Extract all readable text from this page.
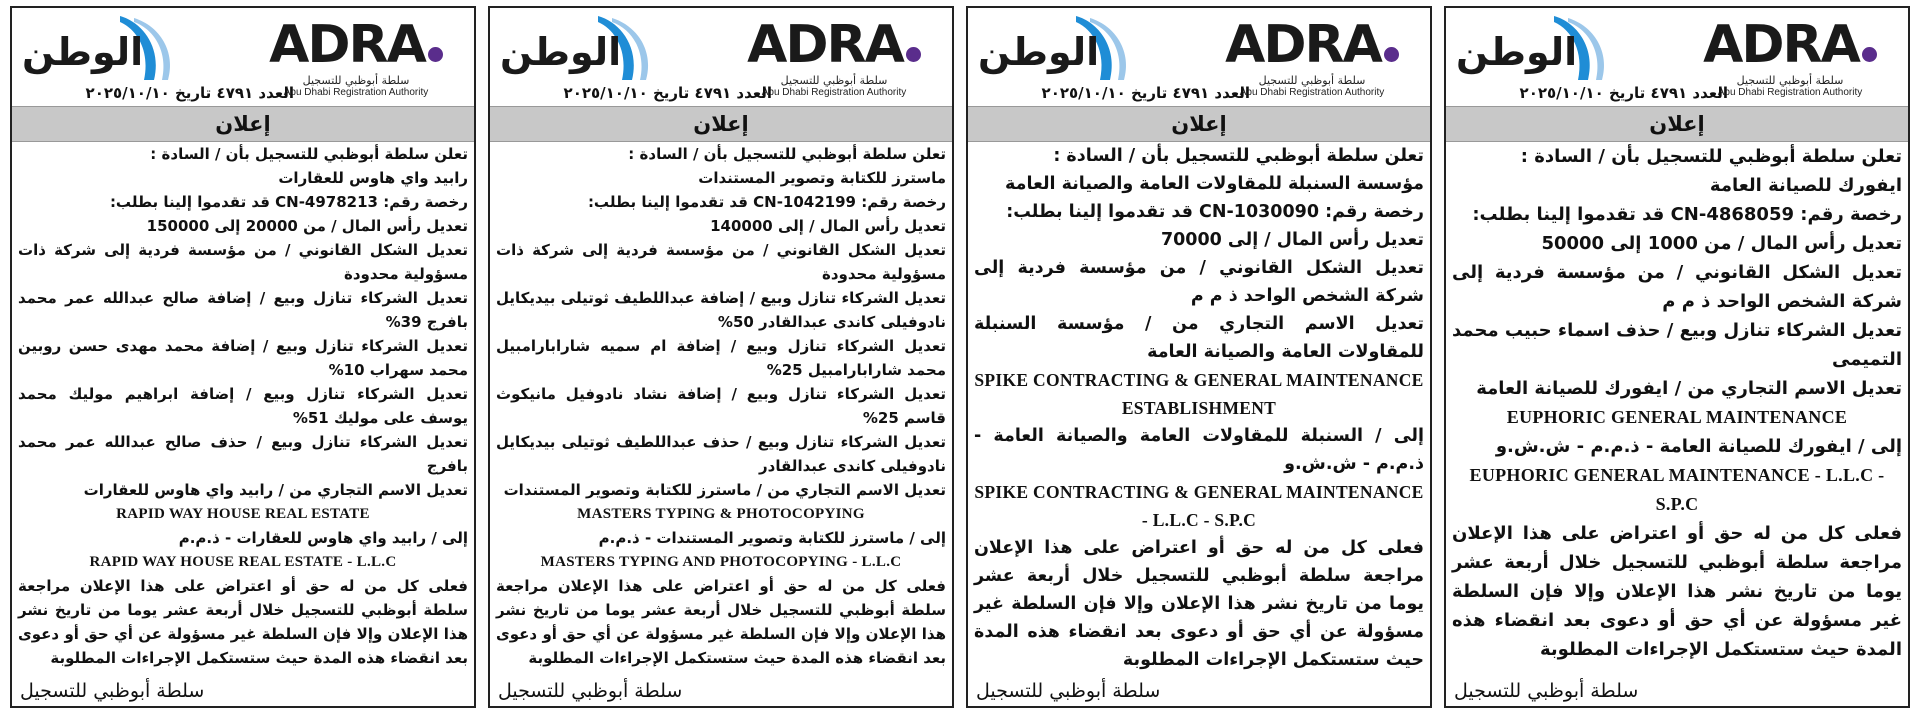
الوطن ADRA
سلطة أبوظبي للتسجيل
Abu Dhabi Registration Authority
العدد ٤٧٩١ تاريخ ٢٠٢٥/١٠/١٠
إعلان
تعلن سلطة أبوظبي للتسجيل بأن / السادة :
رابيد واي هاوس للعقارات
رخصة رقم: CN-4978213 قد تقدموا إلينا بطلب:
تعديل رأس المال / من 20000 إلى 150000
تعديل الشكل القانوني / من مؤسسة فردية إلى شركة ذات مسؤولية محدودة
تعديل الشركاء تنازل وبيع / إضافة صالح عبدالله عمر محمد بافرج 39%
تعديل الشركاء تنازل وبيع / إضافة محمد مهدى حسن روبين محمد سهراب 10%
تعديل الشركاء تنازل وبيع / إضافة ابراهيم موليك محمد يوسف على موليك 51%
تعديل الشركاء تنازل وبيع / حذف صالح عبدالله عمر محمد بافرج
تعديل الاسم التجاري من / رابيد واي هاوس للعقارات
RAPID WAY HOUSE REAL ESTATE
إلى / رابيد واي هاوس للعقارات - ذ.م.م
RAPID WAY HOUSE REAL ESTATE - L.L.C
فعلى كل من له حق أو اعتراض على هذا الإعلان مراجعة سلطة أبوظبي للتسجيل خلال أربعة عشر يوما من تاريخ نشر هذا الإعلان وإلا فإن السلطة غير مسؤولة عن أي حق أو دعوى بعد انقضاء هذه المدة حيث ستستكمل الإجراءات المطلوبة
سلطة أبوظبي للتسجيل
الوطن ADRA
سلطة أبوظبي للتسجيل
Abu Dhabi Registration Authority
العدد ٤٧٩١ تاريخ ٢٠٢٥/١٠/١٠
إعلان
تعلن سلطة أبوظبي للتسجيل بأن / السادة :
ماسترز للكتابة وتصوير المستندات
رخصة رقم: CN-1042199 قد تقدموا إلينا بطلب:
تعديل رأس المال / إلى 140000
تعديل الشكل القانوني / من مؤسسة فردية إلى شركة ذات مسؤولية محدودة
تعديل الشركاء تنازل وبيع / إضافة عبداللطيف ثوتيلى بيديكايل نادوفيلى كاندى عبدالقادر 50%
تعديل الشركاء تنازل وبيع / إضافة ام سميه شارابارامبيل محمد شارابارامبيل 25%
تعديل الشركاء تنازل وبيع / إضافة نشاد نادوفيل مانيكوث قاسم 25%
تعديل الشركاء تنازل وبيع / حذف عبداللطيف ثوتيلى بيديكايل نادوفيلى كاندى عبدالقادر
تعديل الاسم التجاري من / ماسترز للكتابة وتصوير المستندات
MASTERS TYPING & PHOTOCOPYING
إلى / ماسترز للكتابة وتصوير المستندات - ذ.م.م
MASTERS TYPING AND PHOTOCOPYING - L.L.C
فعلى كل من له حق أو اعتراض على هذا الإعلان مراجعة سلطة أبوظبي للتسجيل خلال أربعة عشر يوما من تاريخ نشر هذا الإعلان وإلا فإن السلطة غير مسؤولة عن أي حق أو دعوى بعد انقضاء هذه المدة حيث ستستكمل الإجراءات المطلوبة
سلطة أبوظبي للتسجيل
الوطن ADRA
سلطة أبوظبي للتسجيل
Abu Dhabi Registration Authority
العدد ٤٧٩١ تاريخ ٢٠٢٥/١٠/١٠
إعلان
تعلن سلطة أبوظبي للتسجيل بأن / السادة :
مؤسسة السنبلة للمقاولات العامة والصيانة العامة
رخصة رقم: CN-1030090 قد تقدموا إلينا بطلب:
تعديل رأس المال / إلى 70000
تعديل الشكل القانوني / من مؤسسة فردية إلى شركة الشخص الواحد ذ م م
تعديل الاسم التجاري من / مؤسسة السنبلة للمقاولات العامة والصيانة العامة
SPIKE CONTRACTING & GENERAL MAINTENANCE ESTABLISHMENT
إلى / السنبلة للمقاولات العامة والصيانة العامة - ذ.م.م - ش.ش.و
SPIKE CONTRACTING & GENERAL MAINTENANCE - L.L.C - S.P.C
فعلى كل من له حق أو اعتراض على هذا الإعلان مراجعة سلطة أبوظبي للتسجيل خلال أربعة عشر يوما من تاريخ نشر هذا الإعلان وإلا فإن السلطة غير مسؤولة عن أي حق أو دعوى بعد انقضاء هذه المدة حيث ستستكمل الإجراءات المطلوبة
سلطة أبوظبي للتسجيل
الوطن ADRA
سلطة أبوظبي للتسجيل
Abu Dhabi Registration Authority
العدد ٤٧٩١ تاريخ ٢٠٢٥/١٠/١٠
إعلان
تعلن سلطة أبوظبي للتسجيل بأن / السادة :
ايفورك للصيانة العامة
رخصة رقم: CN-4868059 قد تقدموا إلينا بطلب:
تعديل رأس المال / من 1000 إلى 50000
تعديل الشكل القانوني / من مؤسسة فردية إلى شركة الشخص الواحد ذ م م
تعديل الشركاء تنازل وبيع / حذف اسماء حبيب محمد التميمى
تعديل الاسم التجاري من / ايفورك للصيانة العامة
EUPHORIC GENERAL MAINTENANCE
إلى / ايفورك للصيانة العامة - ذ.م.م - ش.ش.و
EUPHORIC GENERAL MAINTENANCE - L.L.C - S.P.C
فعلى كل من له حق أو اعتراض على هذا الإعلان مراجعة سلطة أبوظبي للتسجيل خلال أربعة عشر يوما من تاريخ نشر هذا الإعلان وإلا فإن السلطة غير مسؤولة عن أي حق أو دعوى بعد انقضاء هذه المدة حيث ستستكمل الإجراءات المطلوبة
سلطة أبوظبي للتسجيل
